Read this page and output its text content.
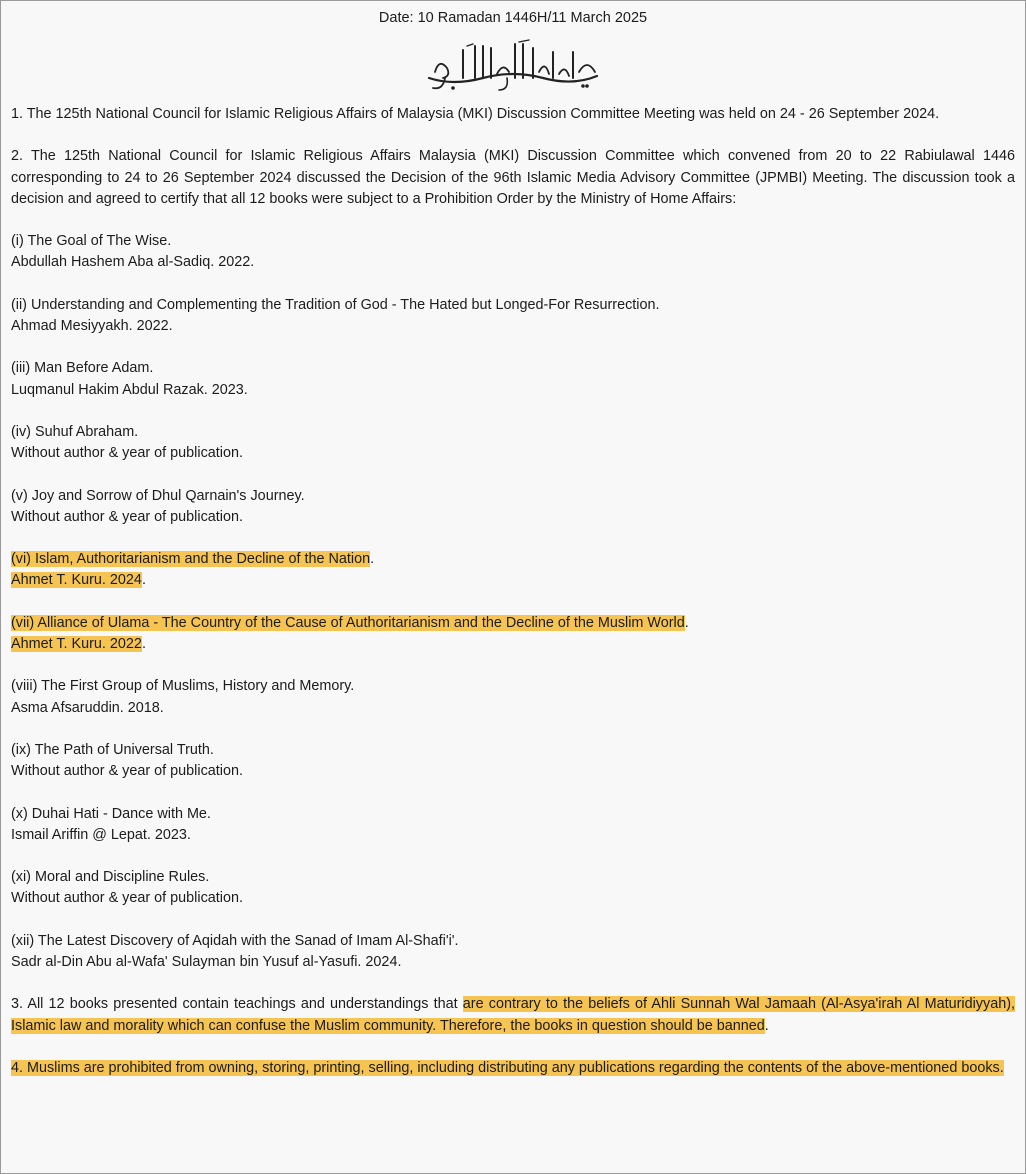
Date: 10 Ramadan 1446H/11 March 2025

1. The 125th National Council for Islamic Religious Affairs of Malaysia (MKI) Discussion Committee Meeting was held on 24 - 26 September 2024.

2. The 125th National Council for Islamic Religious Affairs Malaysia (MKI) Discussion Committee which convened from 20 to 22 Rabiulawal 1446 corresponding to 24 to 26 September 2024 discussed the Decision of the 96th Islamic Media Advisory Committee (JPMBI) Meeting. The discussion took a decision and agreed to certify that all 12 books were subject to a Prohibition Order by the Ministry of Home Affairs:

(i) The Goal of The Wise.
Abdullah Hashem Aba al-Sadiq. 2022.
(ii) Understanding and Complementing the Tradition of God - The Hated but Longed-For Resurrection.
Ahmad Mesiyyakh. 2022.
(iii) Man Before Adam.
Luqmanul Hakim Abdul Razak. 2023.
(iv) Suhuf Abraham.
Without author & year of publication.
(v) Joy and Sorrow of Dhul Qarnain's Journey.
Without author & year of publication.
(vi) Islam, Authoritarianism and the Decline of the Nation.
Ahmet T. Kuru. 2024.
(vii) Alliance of Ulama - The Country of the Cause of Authoritarianism and the Decline of the Muslim World.
Ahmet T. Kuru. 2022.
(viii) The First Group of Muslims, History and Memory.
Asma Afsaruddin. 2018.
(ix) The Path of Universal Truth.
Without author & year of publication.
(x) Duhai Hati - Dance with Me.
Ismail Ariffin @ Lepat. 2023.
(xi) Moral and Discipline Rules.
Without author & year of publication.
(xii) The Latest Discovery of Aqidah with the Sanad of Imam Al-Shafi'i'.
Sadr al-Din Abu al-Wafa' Sulayman bin Yusuf al-Yasufi. 2024.

3. All 12 books presented contain teachings and understandings that are contrary to the beliefs of Ahli Sunnah Wal Jamaah (Al-Asya'irah Al Maturidiyyah), Islamic law and morality which can confuse the Muslim community. Therefore, the books in question should be banned.

4. Muslims are prohibited from owning, storing, printing, selling, including distributing any publications regarding the contents of the above-mentioned books.
